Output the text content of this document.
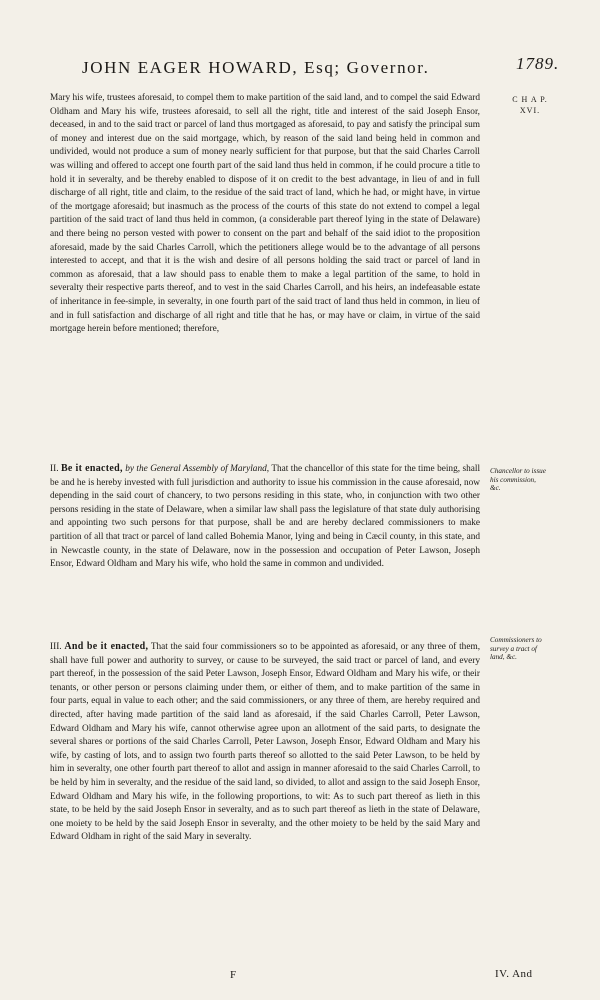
JOHN EAGER HOWARD, Esq; Governor.	1789.
C H A P.
XVI.

Mary his wife, trustees aforesaid, to compel them to make partition of the said land, and to compel the said Edward Oldham and Mary his wife, trustees aforesaid, to sell all the right, title and interest of the said Joseph Ensor, deceased, in and to the said tract or parcel of land thus mortgaged as aforesaid, to pay and satisfy the principal sum of money and interest due on the said mortgage, which, by reason of the said land being held in common and undivided, would not produce a sum of money nearly sufficient for that purpose, but that the said Charles Carroll was willing and offered to accept one fourth part of the said land thus held in common, if he could procure a title to hold it in severalty, and be thereby enabled to dispose of it on credit to the best advantage, in lieu of and in full discharge of all right, title and claim, to the residue of the said tract of land, which he had, or might have, in virtue of the mortgage aforesaid; but inasmuch as the process of the courts of this state do not extend to compel a legal partition of the said tract of land thus held in common, (a considerable part thereof lying in the state of Delaware) and there being no person vested with power to consent on the part and behalf of the said idiot to the proposition aforesaid, made by the said Charles Carroll, which the petitioners allege would be to the advantage of all persons interested to accept, and that it is the wish and desire of all persons holding the said tract or parcel of land in common as aforesaid, that a law should pass to enable them to make a legal partition of the same, to hold in severalty their respective parts thereof, and to vest in the said Charles Carroll, and his heirs, an indefeasable estate of inheritance in fee-simple, in severalty, in one fourth part of the said tract of land thus held in common, in lieu of and in full satisfaction and discharge of all right and title that he has, or may have or claim, in virtue of the said mortgage herein before mentioned; therefore,

II. Be it enacted, by the General Assembly of Maryland, That the chancellor of this state for the time being, shall be and he is hereby invested with full jurisdiction and authority to issue his commission in the cause aforesaid, now depending in the said court of chancery, to two persons residing in this state, who, in conjunction with two other persons residing in the state of Delaware, when a similar law shall pass the legislature of that state duly authorising and appointing two such persons for that purpose, shall be and are hereby declared commissioners to make partition of all that tract or parcel of land called Bohemia Manor, lying and being in Cæcil county, in this state, and in Newcastle county, in the state of Delaware, now in the possession and occupation of Peter Lawson, Joseph Ensor, Edward Oldham and Mary his wife, who hold the same in common and undivided.

Chancellor to issue his commission, &c.

III. And be it enacted, That the said four commissioners so to be appointed as aforesaid, or any three of them, shall have full power and authority to survey, or cause to be surveyed, the said tract or parcel of land, and every part thereof, in the possession of the said Peter Lawson, Joseph Ensor, Edward Oldham and Mary his wife, or their tenants, or other person or persons claiming under them, or either of them, and to make partition of the same in four parts, equal in value to each other; and the said commissioners, or any three of them, are hereby required and directed, after having made partition of the said land as aforesaid, if the said Charles Carroll, Peter Lawson, Edward Oldham and Mary his wife, cannot otherwise agree upon an allotment of the said parts, to designate the several shares or portions of the said Charles Carroll, Peter Lawson, Joseph Ensor, Edward Oldham and Mary his wife, by casting of lots, and to assign two fourth parts thereof so allotted to the said Peter Lawson, to be held by him in severalty, one other fourth part thereof to allot and assign in manner aforesaid to the said Charles Carroll, to be held by him in severalty, and the residue of the said land, so divided, to allot and assign to the said Joseph Ensor, Edward Oldham and Mary his wife, in the following proportions, to wit: As to such part thereof as lieth in this state, to be held by the said Joseph Ensor in severalty, and as to such part thereof as lieth in the state of Delaware, one moiety to be held by the said Joseph Ensor in severalty, and the other moiety to be held by the said Mary and Edward Oldham in right of the said Mary in severalty.

Commissioners to survey a tract of land, &c.
F	IV. And
